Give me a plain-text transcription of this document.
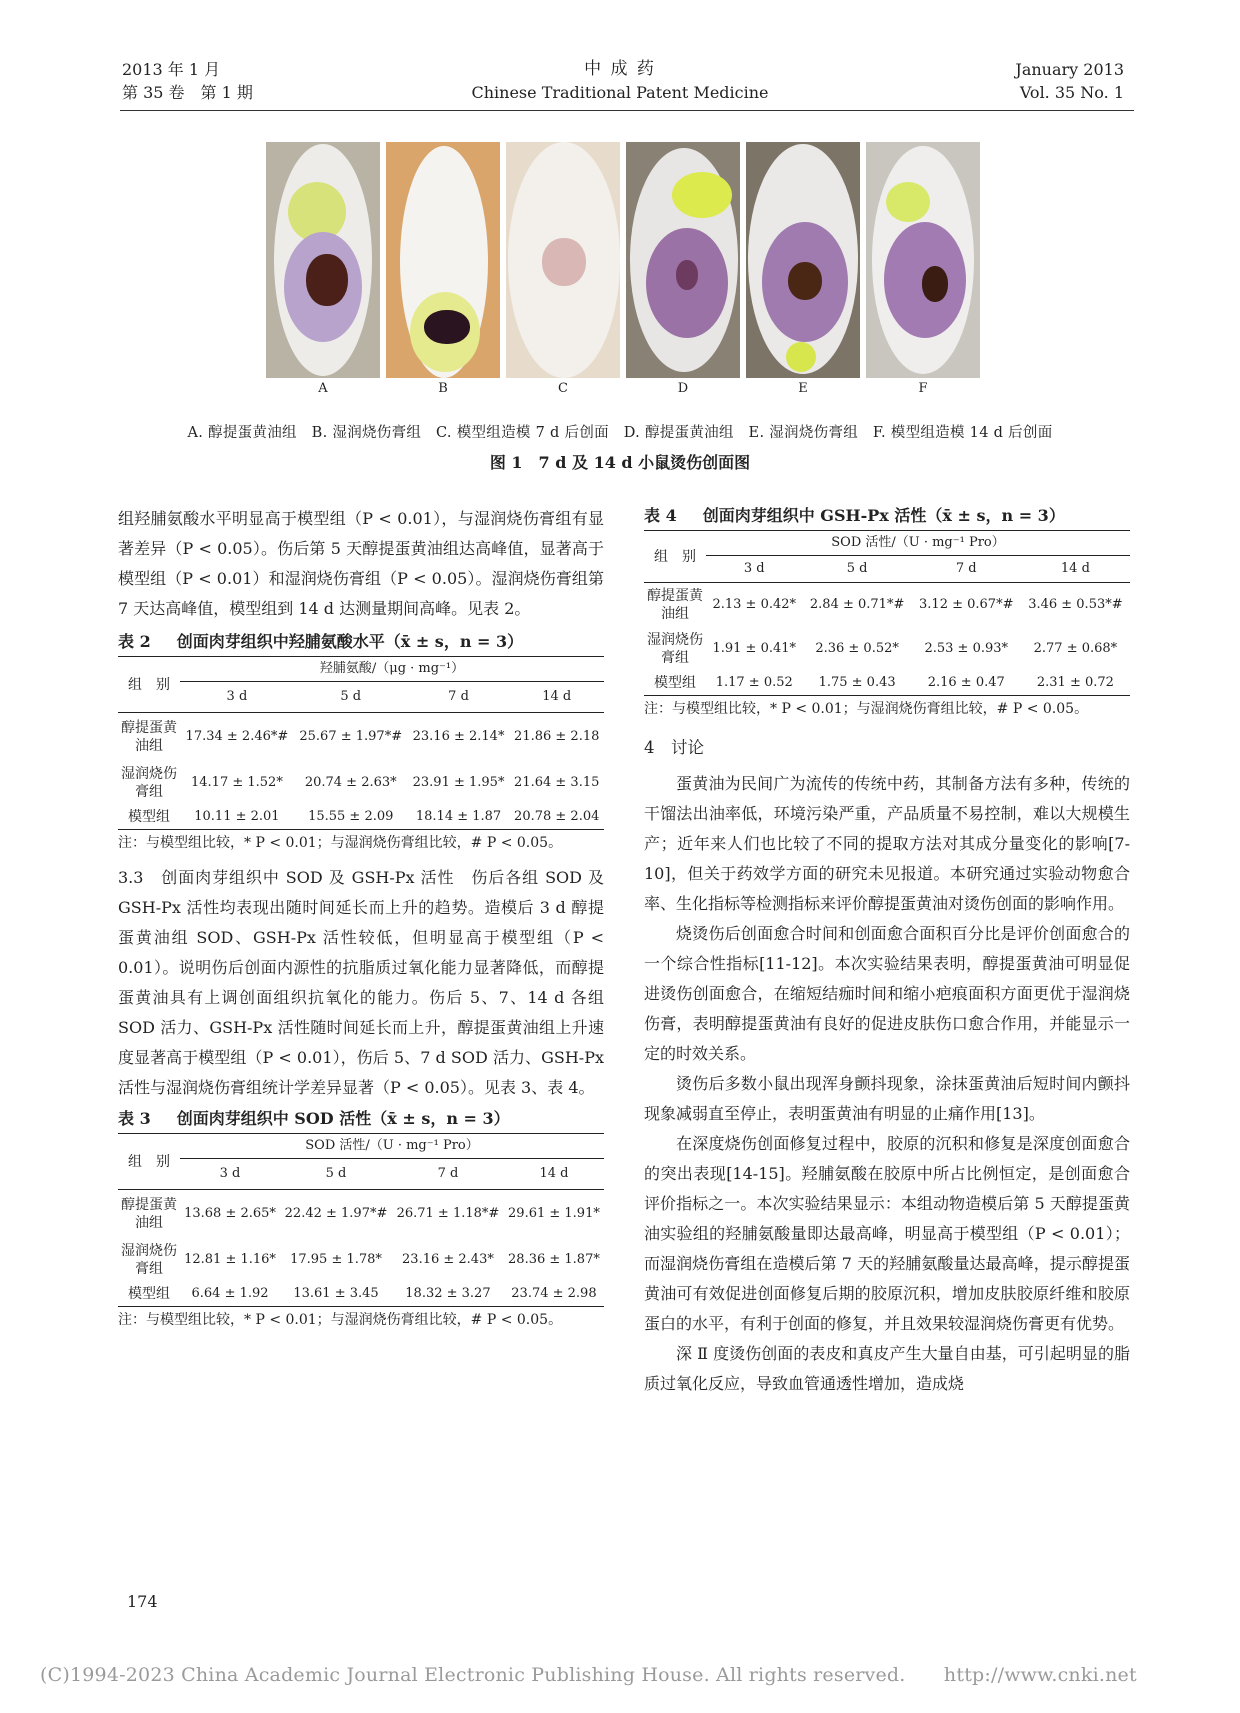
2013 年 1 月
第 35 卷　第 1 期
中 成 药
Chinese Traditional Patent Medicine
January 2013
Vol. 35 No. 1
A	B	C	D	E	F
A. 醇提蛋黄油组　B. 湿润烧伤膏组　C. 模型组造模 7 d 后创面　D. 醇提蛋黄油组　E. 湿润烧伤膏组　F. 模型组造模 14 d 后创面
图 1　7 d 及 14 d 小鼠烫伤创面图

组羟脯氨酸水平明显高于模型组（P < 0.01），与湿润烧伤膏组有显著差异（P < 0.05）。伤后第 5 天醇提蛋黄油组达高峰值，显著高于模型组（P < 0.01）和湿润烧伤膏组（P < 0.05）。湿润烧伤膏组第 7 天达高峰值，模型组到 14 d 达测量期间高峰。见表 2。

表 2 创面肉芽组织中羟脯氨酸水平（x̄ ± s，n = 3）
组　别	羟脯氨酸/（μg · mg⁻¹）			
	3 d	5 d	7 d	14 d
醇提蛋黄油组	17.34 ± 2.46*#	25.67 ± 1.97*#	23.16 ± 2.14*	21.86 ± 2.18
湿润烧伤膏组	14.17 ± 1.52*	20.74 ± 2.63*	23.91 ± 1.95*	21.64 ± 3.15
模型组	10.11 ± 2.01	15.55 ± 2.09	18.14 ± 1.87	20.78 ± 2.04

注：与模型组比较，* P < 0.01；与湿润烧伤膏组比较，# P < 0.05。

3.3　创面肉芽组织中 SOD 及 GSH-Px 活性　伤后各组 SOD 及 GSH-Px 活性均表现出随时间延长而上升的趋势。造模后 3 d 醇提蛋黄油组 SOD、GSH-Px 活性较低，但明显高于模型组（P < 0.01）。说明伤后创面内源性的抗脂质过氧化能力显著降低，而醇提蛋黄油具有上调创面组织抗氧化的能力。伤后 5、7、14 d 各组 SOD 活力、GSH-Px 活性随时间延长而上升，醇提蛋黄油组上升速度显著高于模型组（P < 0.01），伤后 5、7 d SOD 活力、GSH-Px 活性与湿润烧伤膏组统计学差异显著（P < 0.05）。见表 3、表 4。

表 3 创面肉芽组织中 SOD 活性（x̄ ± s，n = 3）
组　别	SOD 活性/（U · mg⁻¹ Pro）			
	3 d	5 d	7 d	14 d
醇提蛋黄油组	13.68 ± 2.65*	22.42 ± 1.97*#	26.71 ± 1.18*#	29.61 ± 1.91*
湿润烧伤膏组	12.81 ± 1.16*	17.95 ± 1.78*	23.16 ± 2.43*	28.36 ± 1.87*
模型组	6.64 ± 1.92	13.61 ± 3.45	18.32 ± 3.27	23.74 ± 2.98

注：与模型组比较，* P < 0.01；与湿润烧伤膏组比较，# P < 0.05。

表 4 创面肉芽组织中 GSH-Px 活性（x̄ ± s，n = 3）
组　别	SOD 活性/（U · mg⁻¹ Pro）			
	3 d	5 d	7 d	14 d
醇提蛋黄油组	2.13 ± 0.42*	2.84 ± 0.71*#	3.12 ± 0.67*#	3.46 ± 0.53*#
湿润烧伤膏组	1.91 ± 0.41*	2.36 ± 0.52*	2.53 ± 0.93*	2.77 ± 0.68*
模型组	1.17 ± 0.52	1.75 ± 0.43	2.16 ± 0.47	2.31 ± 0.72

注：与模型组比较，* P < 0.01；与湿润烧伤膏组比较，# P < 0.05。

4　讨论

蛋黄油为民间广为流传的传统中药，其制备方法有多种，传统的干馏法出油率低，环境污染严重，产品质量不易控制，难以大规模生产；近年来人们也比较了不同的提取方法对其成分量变化的影响[7-10]，但关于药效学方面的研究未见报道。本研究通过实验动物愈合率、生化指标等检测指标来评价醇提蛋黄油对烫伤创面的影响作用。

烧烫伤后创面愈合时间和创面愈合面积百分比是评价创面愈合的一个综合性指标[11-12]。本次实验结果表明，醇提蛋黄油可明显促进烫伤创面愈合，在缩短结痂时间和缩小疤痕面积方面更优于湿润烧伤膏，表明醇提蛋黄油有良好的促进皮肤伤口愈合作用，并能显示一定的时效关系。

烫伤后多数小鼠出现浑身颤抖现象，涂抹蛋黄油后短时间内颤抖现象减弱直至停止，表明蛋黄油有明显的止痛作用[13]。

在深度烧伤创面修复过程中，胶原的沉积和修复是深度创面愈合的突出表现[14-15]。羟脯氨酸在胶原中所占比例恒定，是创面愈合评价指标之一。本次实验结果显示：本组动物造模后第 5 天醇提蛋黄油实验组的羟脯氨酸量即达最高峰，明显高于模型组（P < 0.01）；而湿润烧伤膏组在造模后第 7 天的羟脯氨酸量达最高峰，提示醇提蛋黄油可有效促进创面修复后期的胶原沉积，增加皮肤胶原纤维和胶原蛋白的水平，有利于创面的修复，并且效果较湿润烧伤膏更有优势。

深 Ⅱ 度烫伤创面的表皮和真皮产生大量自由基，可引起明显的脂质过氧化反应，导致血管通透性增加，造成烧

174
(C)1994-2023 China Academic Journal Electronic Publishing House. All rights reserved.　　http://www.cnki.net
